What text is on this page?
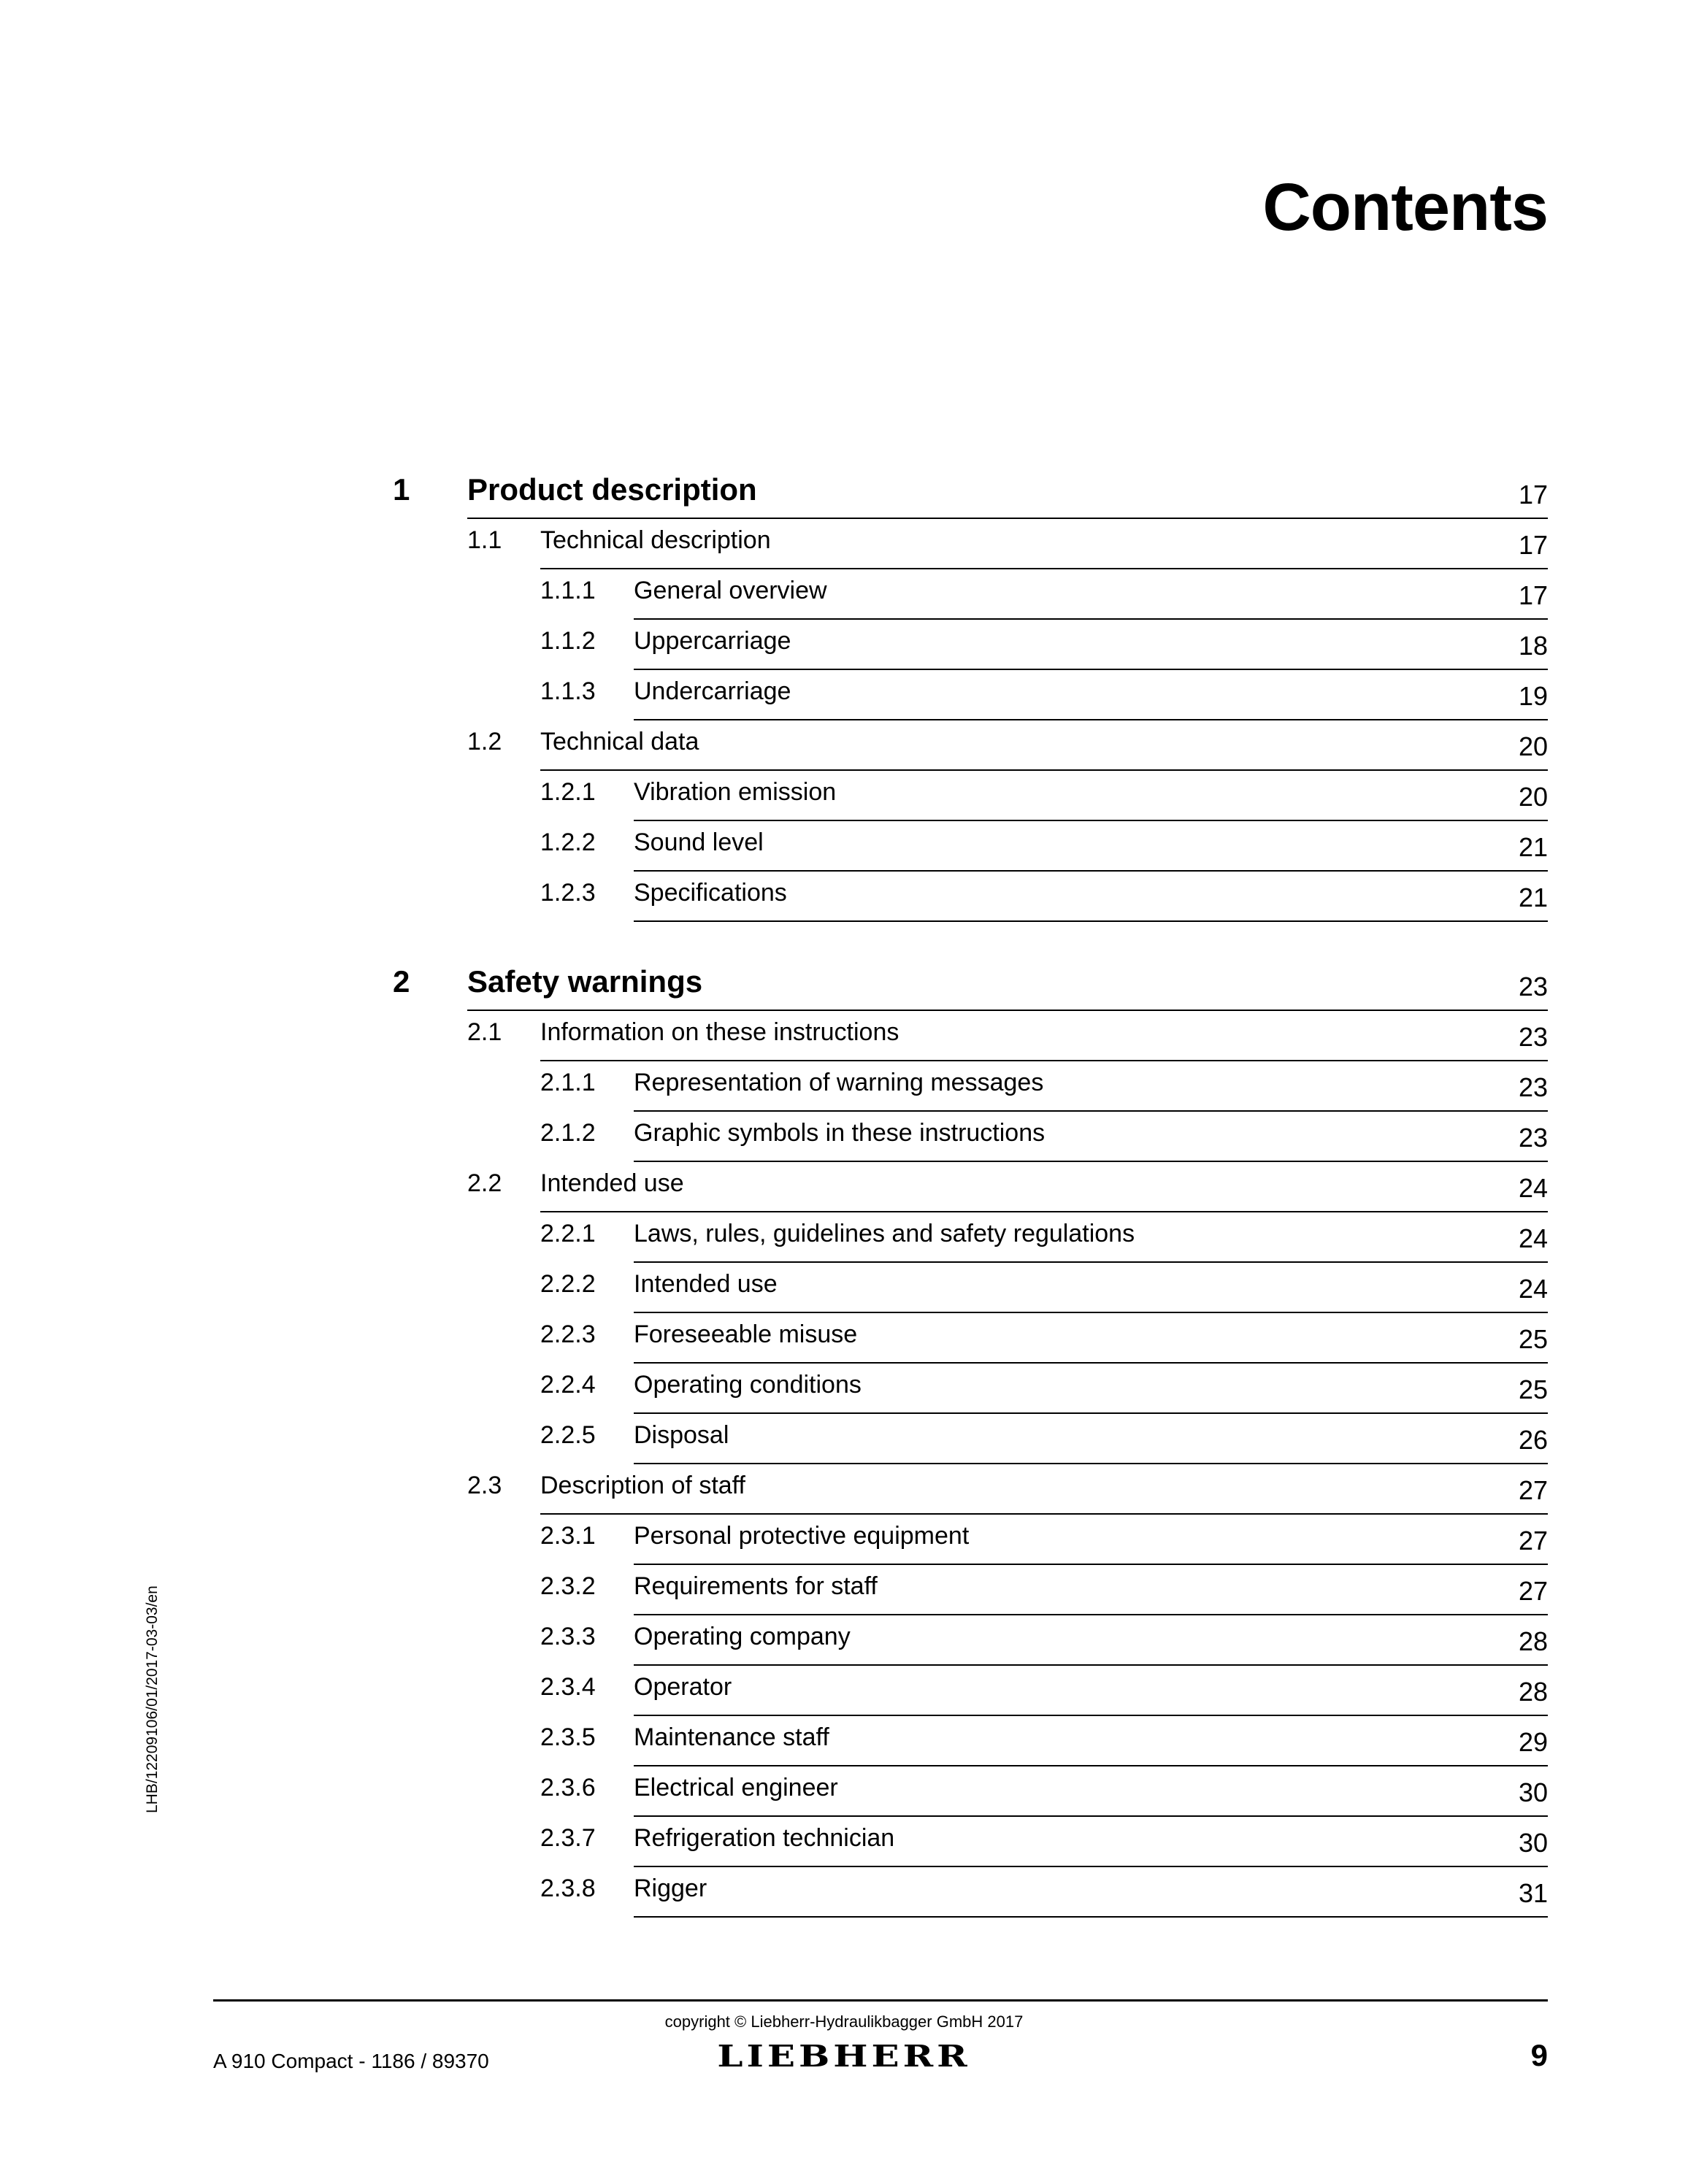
Contents
1 Product description	17
1.1 Technical description	17
1.1.1 General overview	17
1.1.2 Uppercarriage	18
1.1.3 Undercarriage	19
1.2 Technical data	20
1.2.1 Vibration emission	20
1.2.2 Sound level	21
1.2.3 Specifications	21
2 Safety warnings	23
2.1 Information on these instructions	23
2.1.1 Representation of warning messages	23
2.1.2 Graphic symbols in these instructions	23
2.2 Intended use	24
2.2.1 Laws, rules, guidelines and safety regulations	24
2.2.2 Intended use	24
2.2.3 Foreseeable misuse	25
2.2.4 Operating conditions	25
2.2.5 Disposal	26
2.3 Description of staff	27
2.3.1 Personal protective equipment	27
2.3.2 Requirements for staff	27
2.3.3 Operating company	28
2.3.4 Operator	28
2.3.5 Maintenance staff	29
2.3.6 Electrical engineer	30
2.3.7 Refrigeration technician	30
2.3.8 Rigger	31
LHB/12209106/01/2017-03-03/en
copyright © Liebherr-Hydraulikbagger GmbH 2017
LIEBHERR
A 910 Compact - 1186 / 89370	9
